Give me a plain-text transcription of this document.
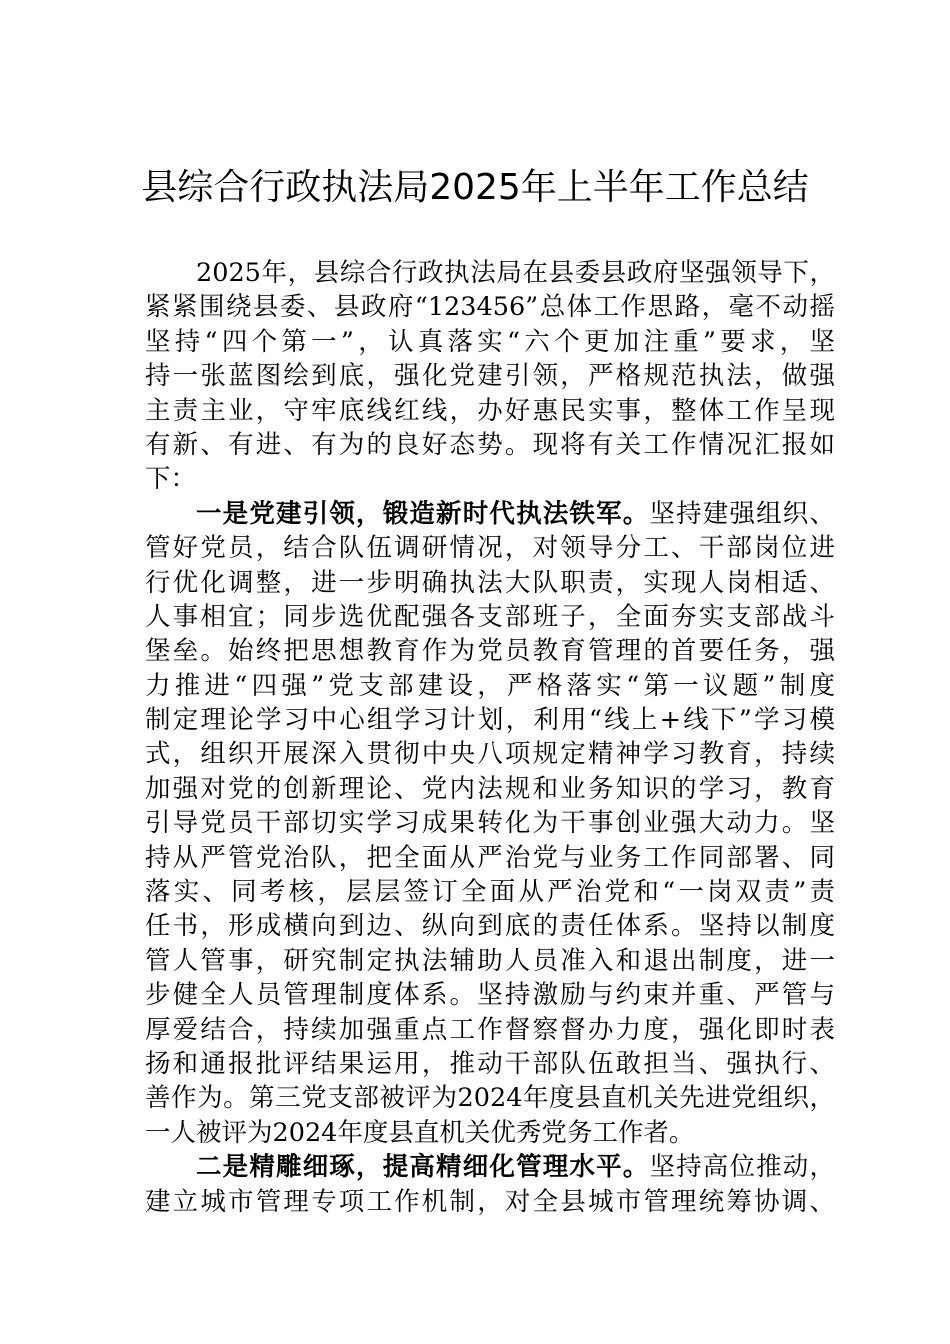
县综合行政执法局2025年上半年工作总结
2025年，县综合行政执法局在县委县政府坚强领导下，
紧紧围绕县委、县政府“123456”总体工作思路，毫不动摇
坚持“四个第一”，认真落实“六个更加注重”要求，坚
持一张蓝图绘到底，强化党建引领，严格规范执法，做强
主责主业，守牢底线红线，办好惠民实事，整体工作呈现
有新、有进、有为的良好态势。现将有关工作情况汇报如
下：
一是党建引领，锻造新时代执法铁军。坚持建强组织、
管好党员，结合队伍调研情况，对领导分工、干部岗位进
行优化调整，进一步明确执法大队职责，实现人岗相适、
人事相宜；同步选优配强各支部班子，全面夯实支部战斗
堡垒。始终把思想教育作为党员教育管理的首要任务，强
力推进“四强”党支部建设，严格落实“第一议题”制度
制定理论学习中心组学习计划，利用“线上+线下”学习模
式，组织开展深入贯彻中央八项规定精神学习教育，持续
加强对党的创新理论、党内法规和业务知识的学习，教育
引导党员干部切实学习成果转化为干事创业强大动力。坚
持从严管党治队，把全面从严治党与业务工作同部署、同
落实、同考核，层层签订全面从严治党和“一岗双责”责
任书，形成横向到边、纵向到底的责任体系。坚持以制度
管人管事，研究制定执法辅助人员准入和退出制度，进一
步健全人员管理制度体系。坚持激励与约束并重、严管与
厚爱结合，持续加强重点工作督察督办力度，强化即时表
扬和通报批评结果运用，推动干部队伍敢担当、强执行、
善作为。第三党支部被评为2024年度县直机关先进党组织，
一人被评为2024年度县直机关优秀党务工作者。
二是精雕细琢，提高精细化管理水平。坚持高位推动，
建立城市管理专项工作机制，对全县城市管理统筹协调、
